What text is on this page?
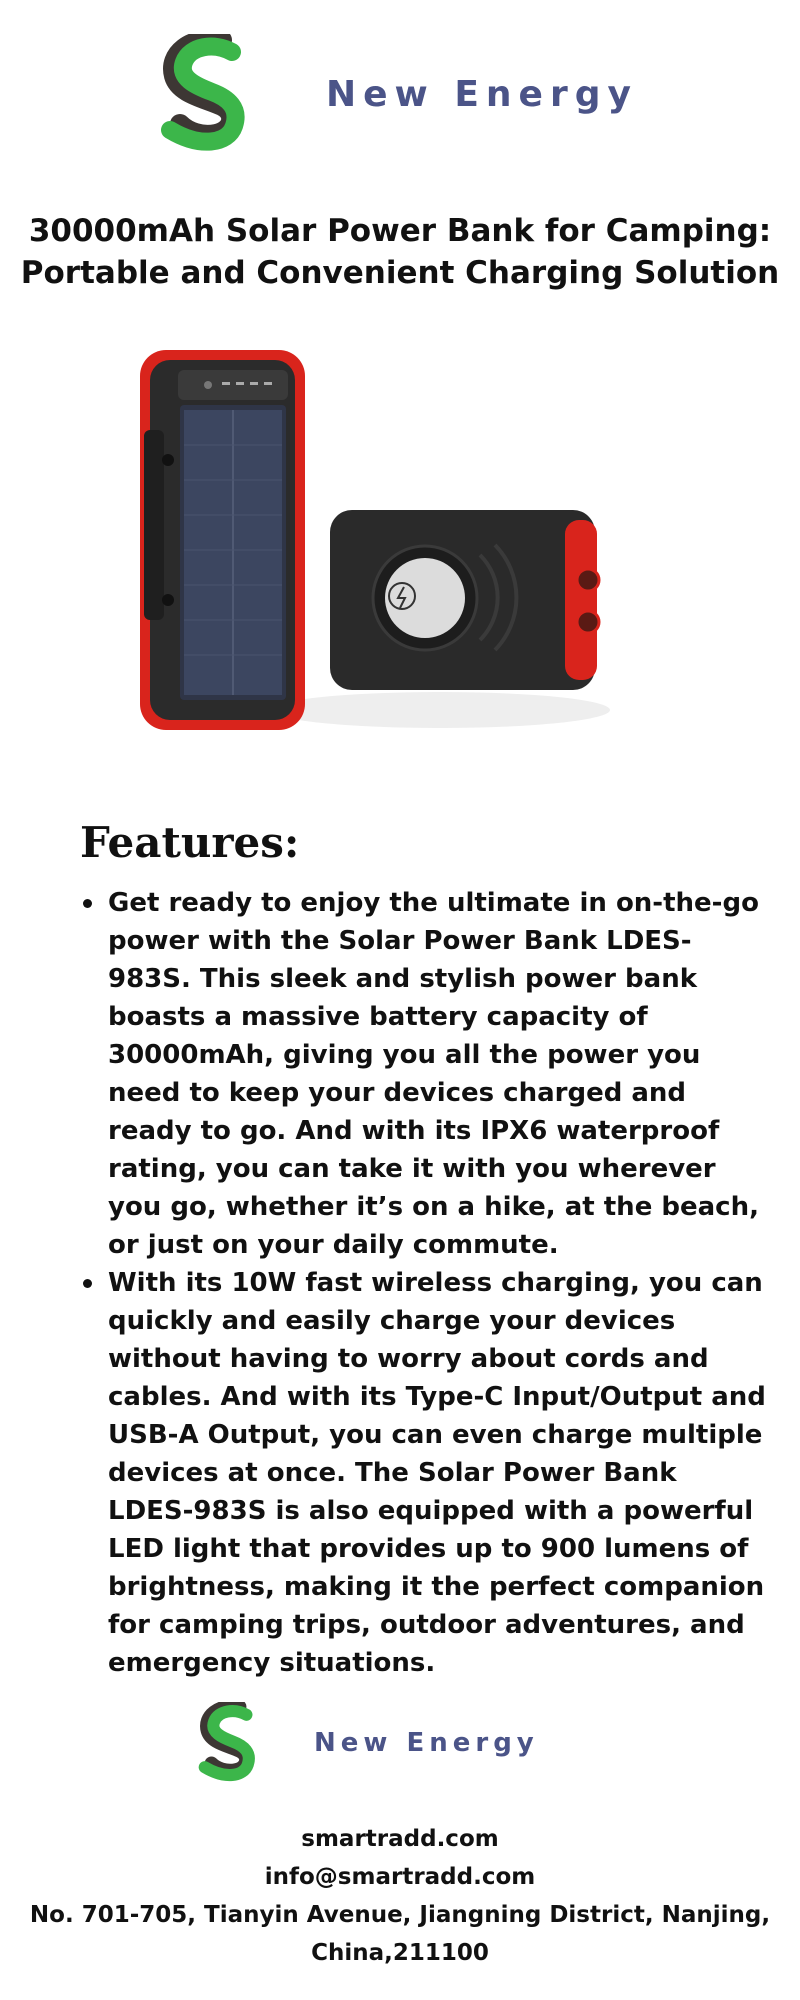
New Energy
30000mAh Solar Power Bank for Camping:
Portable and Convenient Charging Solution
Features:
Get ready to enjoy the ultimate in on-the-go power with the Solar Power Bank LDES-983S. This sleek and stylish power bank boasts a massive battery capacity of 30000mAh, giving you all the power you need to keep your devices charged and ready to go. And with its IPX6 waterproof rating, you can take it with you wherever you go, whether it’s on a hike, at the beach, or just on your daily commute.
With its 10W fast wireless charging, you can quickly and easily charge your devices without having to worry about cords and cables. And with its Type-C Input/Output and USB-A Output, you can even charge multiple devices at once. The Solar Power Bank LDES-983S is also equipped with a powerful LED light that provides up to 900 lumens of brightness, making it the perfect companion for camping trips, outdoor adventures, and emergency situations.
New Energy
smartradd.com
info@smartradd.com
No. 701-705, Tianyin Avenue, Jiangning District, Nanjing,
China,211100
